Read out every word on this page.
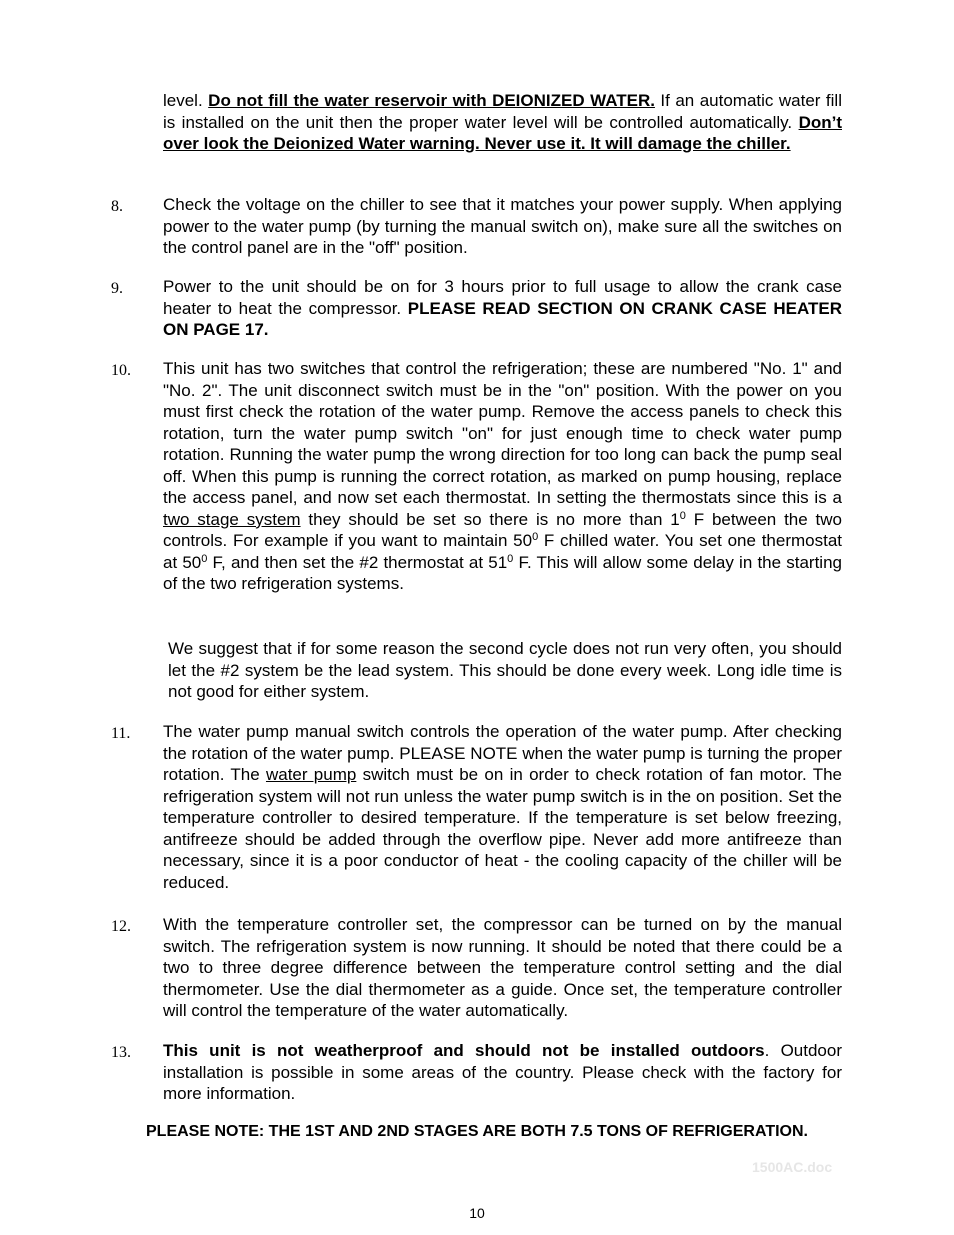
level. Do not fill the water reservoir with DEIONIZED WATER. If an automatic water fill is installed on the unit then the proper water level will be controlled automatically. Don’t over look the Deionized Water warning. Never use it. It will damage the chiller.
8. Check the voltage on the chiller to see that it matches your power supply. When applying power to the water pump (by turning the manual switch on), make sure all the switches on the control panel are in the "off" position.
9. Power to the unit should be on for 3 hours prior to full usage to allow the crank case heater to heat the compressor. PLEASE READ SECTION ON CRANK CASE HEATER ON PAGE 17.
10. This unit has two switches that control the refrigeration; these are numbered "No. 1" and "No. 2". The unit disconnect switch must be in the "on" position. With the power on you must first check the rotation of the water pump. Remove the access panels to check this rotation, turn the water pump switch "on" for just enough time to check water pump rotation. Running the water pump the wrong direction for too long can back the pump seal off. When this pump is running the correct rotation, as marked on pump housing, replace the access panel, and now set each thermostat. In setting the thermostats since this is a two stage system they should be set so there is no more than $1^0$ F between the two controls. For example if you want to maintain $50^0$ F chilled water. You set one thermostat at $50^0$ F, and then set the #2 thermostat at $51^0$ F. This will allow some delay in the starting of the two refrigeration systems.
We suggest that if for some reason the second cycle does not run very often, you should let the #2 system be the lead system. This should be done every week. Long idle time is not good for either system.
11. The water pump manual switch controls the operation of the water pump. After checking the rotation of the water pump. PLEASE NOTE when the water pump is turning the proper rotation. The water pump switch must be on in order to check rotation of fan motor. The refrigeration system will not run unless the water pump switch is in the on position. Set the temperature controller to desired temperature. If the temperature is set below freezing, antifreeze should be added through the overflow pipe. Never add more antifreeze than necessary, since it is a poor conductor of heat - the cooling capacity of the chiller will be reduced.
12. With the temperature controller set, the compressor can be turned on by the manual switch. The refrigeration system is now running. It should be noted that there could be a two to three degree difference between the temperature control setting and the dial thermometer. Use the dial thermometer as a guide. Once set, the temperature controller will control the temperature of the water automatically.
13. This unit is not weatherproof and should not be installed outdoors. Outdoor installation is possible in some areas of the country. Please check with the factory for more information.
PLEASE NOTE: THE 1ST AND 2ND STAGES ARE BOTH 7.5 TONS OF REFRIGERATION.
1500AC.doc
10
